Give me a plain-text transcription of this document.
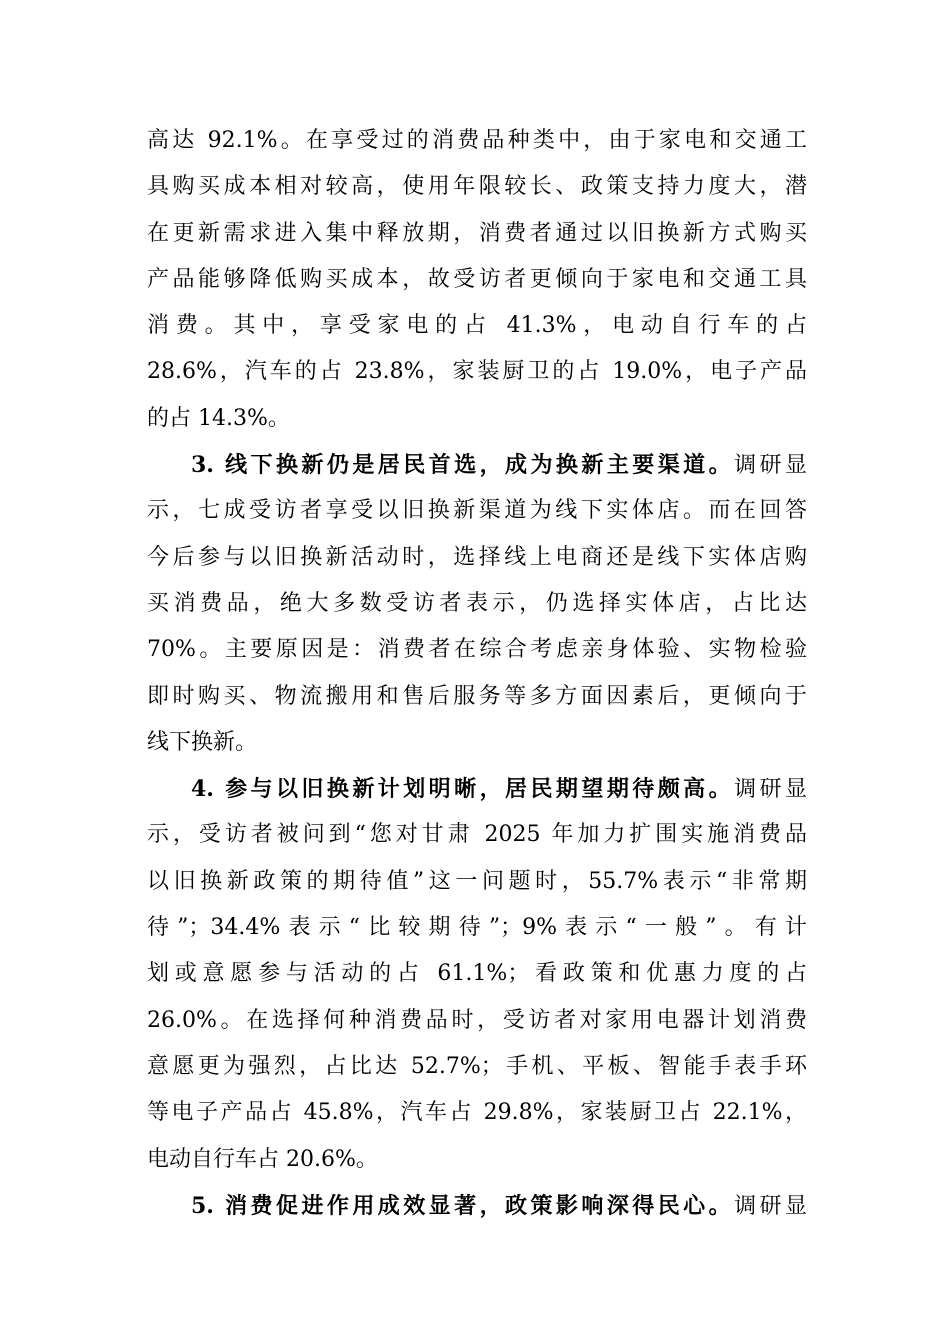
高达 92.1%。在享受过的消费品种类中，由于家电和交通工
具购买成本相对较高，使用年限较长、政策支持力度大，潜
在更新需求进入集中释放期，消费者通过以旧换新方式购买
产品能够降低购买成本，故受访者更倾向于家电和交通工具
消费。其中，享受家电的占 41.3%，电动自行车的占
28.6%，汽车的占 23.8%，家装厨卫的占 19.0%，电子产品
的占 14.3%。
3. 线下换新仍是居民首选，成为换新主要渠道。调研显
示，七成受访者享受以旧换新渠道为线下实体店。而在回答
今后参与以旧换新活动时，选择线上电商还是线下实体店购
买消费品，绝大多数受访者表示，仍选择实体店，占比达
70%。主要原因是：消费者在综合考虑亲身体验、实物检验
即时购买、物流搬用和售后服务等多方面因素后，更倾向于
线下换新。
4. 参与以旧换新计划明晰，居民期望期待颇高。调研显
示，受访者被问到“您对甘肃 2025 年加力扩围实施消费品
以旧换新政策的期待值”这一问题时，55.7%表示“非常期
待”；34.4%表示“比较期待”；9%表示“一般”。有计
划或意愿参与活动的占 61.1%；看政策和优惠力度的占
26.0%。在选择何种消费品时，受访者对家用电器计划消费
意愿更为强烈，占比达 52.7%；手机、平板、智能手表手环
等电子产品占 45.8%，汽车占 29.8%，家装厨卫占 22.1%，
电动自行车占 20.6%。
5. 消费促进作用成效显著，政策影响深得民心。调研显
